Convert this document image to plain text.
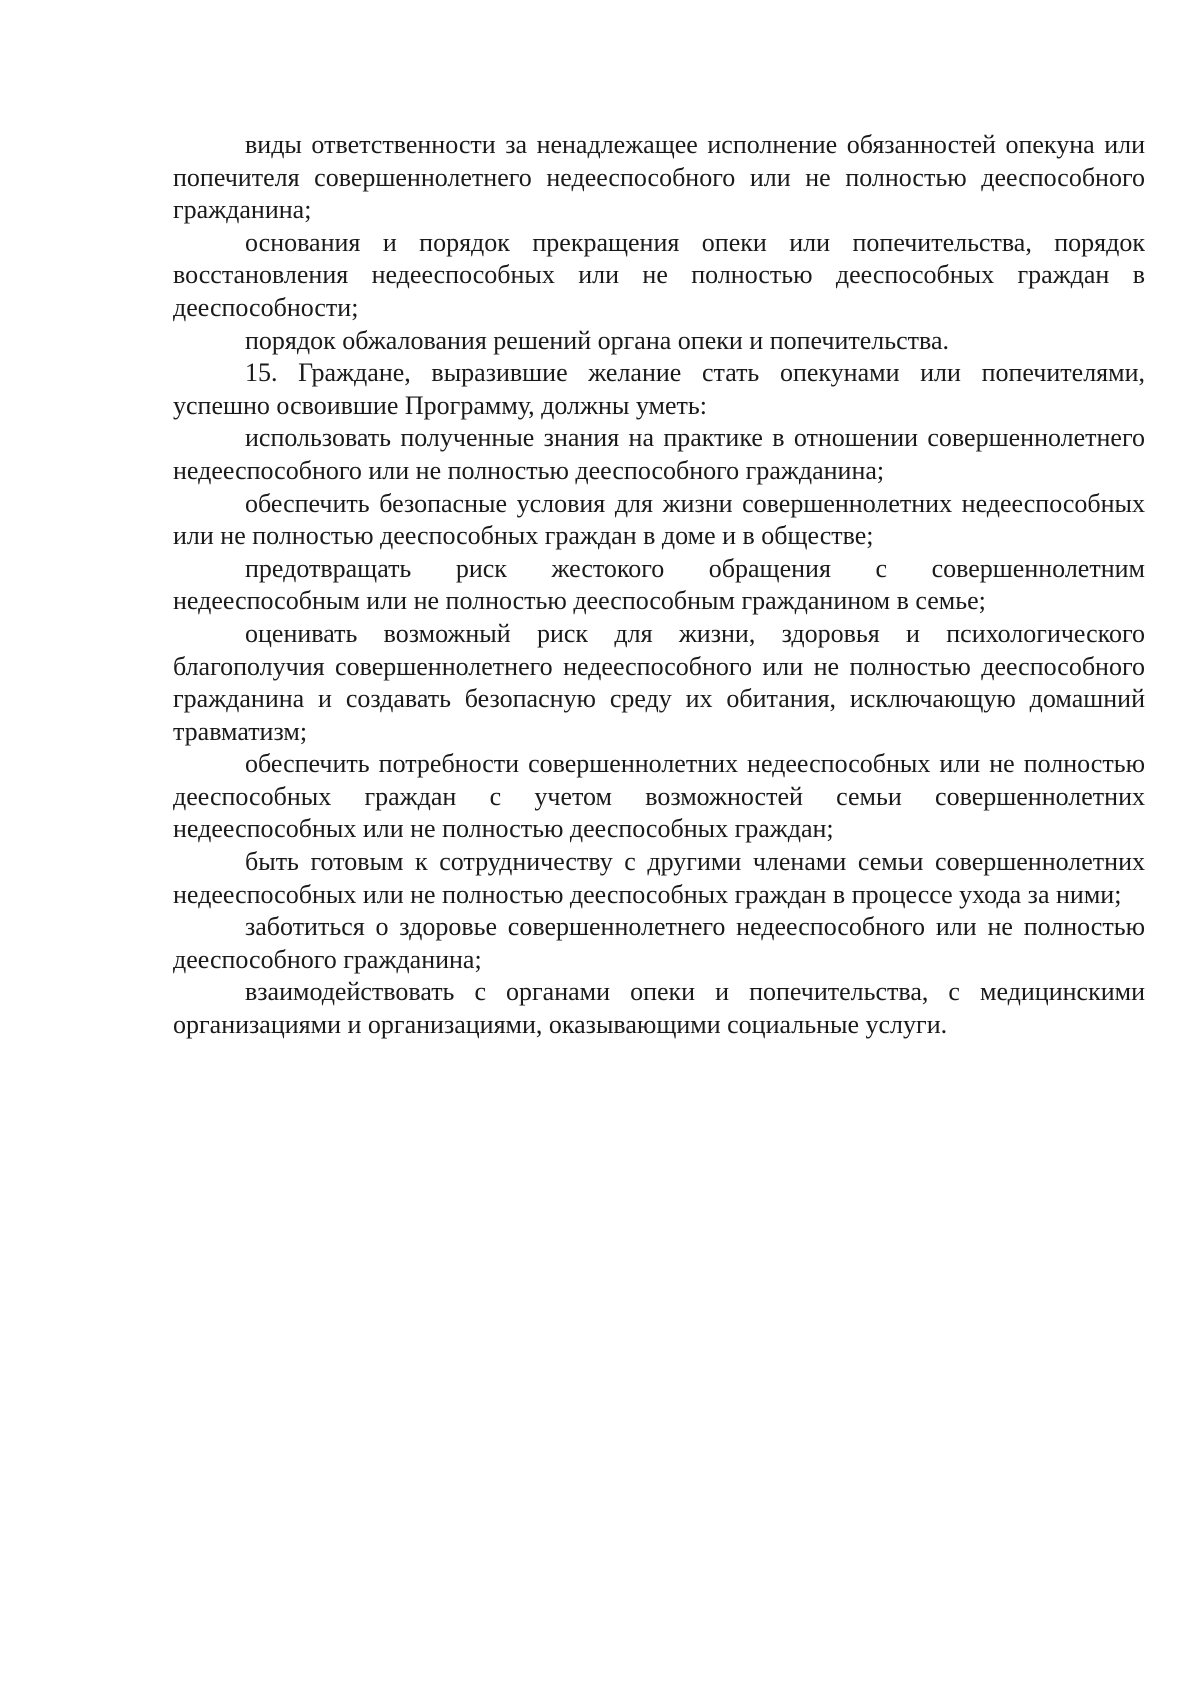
виды ответственности за ненадлежащее исполнение обязанностей опекуна или попечителя совершеннолетнего недееспособного или не полностью дееспособного гражданина;

основания и порядок прекращения опеки или попечительства, порядок восстановления недееспособных или не полностью дееспособных граждан в дееспособности;

порядок обжалования решений органа опеки и попечительства.

15. Граждане, выразившие желание стать опекунами или попечителями, успешно освоившие Программу, должны уметь:

использовать полученные знания на практике в отношении совершеннолетнего недееспособного или не полностью дееспособного гражданина;

обеспечить безопасные условия для жизни совершеннолетних недееспособных или не полностью дееспособных граждан в доме и в обществе;

предотвращать риск жестокого обращения с совершеннолетним недееспособным или не полностью дееспособным гражданином в семье;

оценивать возможный риск для жизни, здоровья и психологического благополучия совершеннолетнего недееспособного или не полностью дееспособного гражданина и создавать безопасную среду их обитания, исключающую домашний травматизм;

обеспечить потребности совершеннолетних недееспособных или не полностью дееспособных граждан с учетом возможностей семьи совершеннолетних недееспособных или не полностью дееспособных граждан;

быть готовым к сотрудничеству с другими членами семьи совершеннолетних недееспособных или не полностью дееспособных граждан в процессе ухода за ними;

заботиться о здоровье совершеннолетнего недееспособного или не полностью дееспособного гражданина;

взаимодействовать с органами опеки и попечительства, с медицинскими организациями и организациями, оказывающими социальные услуги.
